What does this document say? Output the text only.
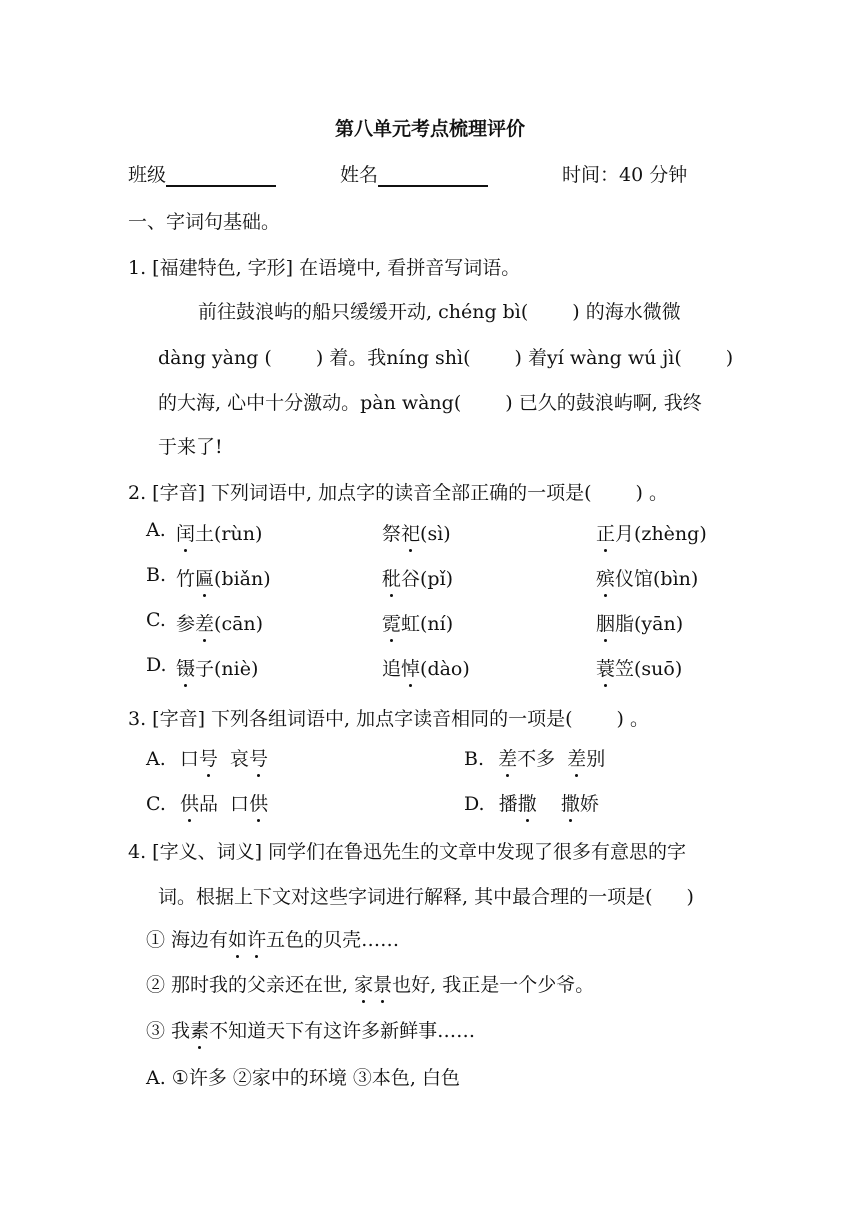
第八单元考点梳理评价
班级	姓名	时间：40 分钟
一、字词句基础。
1. [福建特色, 字形] 在语境中, 看拼音写词语。
前往鼓浪屿的船只缓缓开动, chéng bì( ) 的海水微微
dàng yàng ( ) 着。我níng shì( ) 着yí wàng wú jì( )
的大海, 心中十分激动。pàn wàng( ) 已久的鼓浪屿啊, 我终
于来了!
2. [字音] 下列词语中, 加点字的读音全部正确的一项是( ) 。
A. 闰土(rùn)	祭祀(sì)	正月(zhèng)
B. 竹匾(biǎn)	秕谷(pǐ)	殡仪馆(bìn)
C. 参差(cān)	霓虹(ní)	胭脂(yān)
D. 镊子(niè)	追悼(dào)	蓑笠(suō)
3. [字音] 下列各组词语中, 加点字读音相同的一项是( ) 。
A. 口号  哀号	B. 差不多  差别
C. 供品  口供	D. 播撒 撒娇
4. [字义、词义] 同学们在鲁迅先生的文章中发现了很多有意思的字
词。根据上下文对这些字词进行解释, 其中最合理的一项是( )
① 海边有如许五色的贝壳……
② 那时我的父亲还在世, 家景也好, 我正是一个少爷。
③ 我素不知道天下有这许多新鲜事……
A. ①许多 ②家中的环境 ③本色, 白色
